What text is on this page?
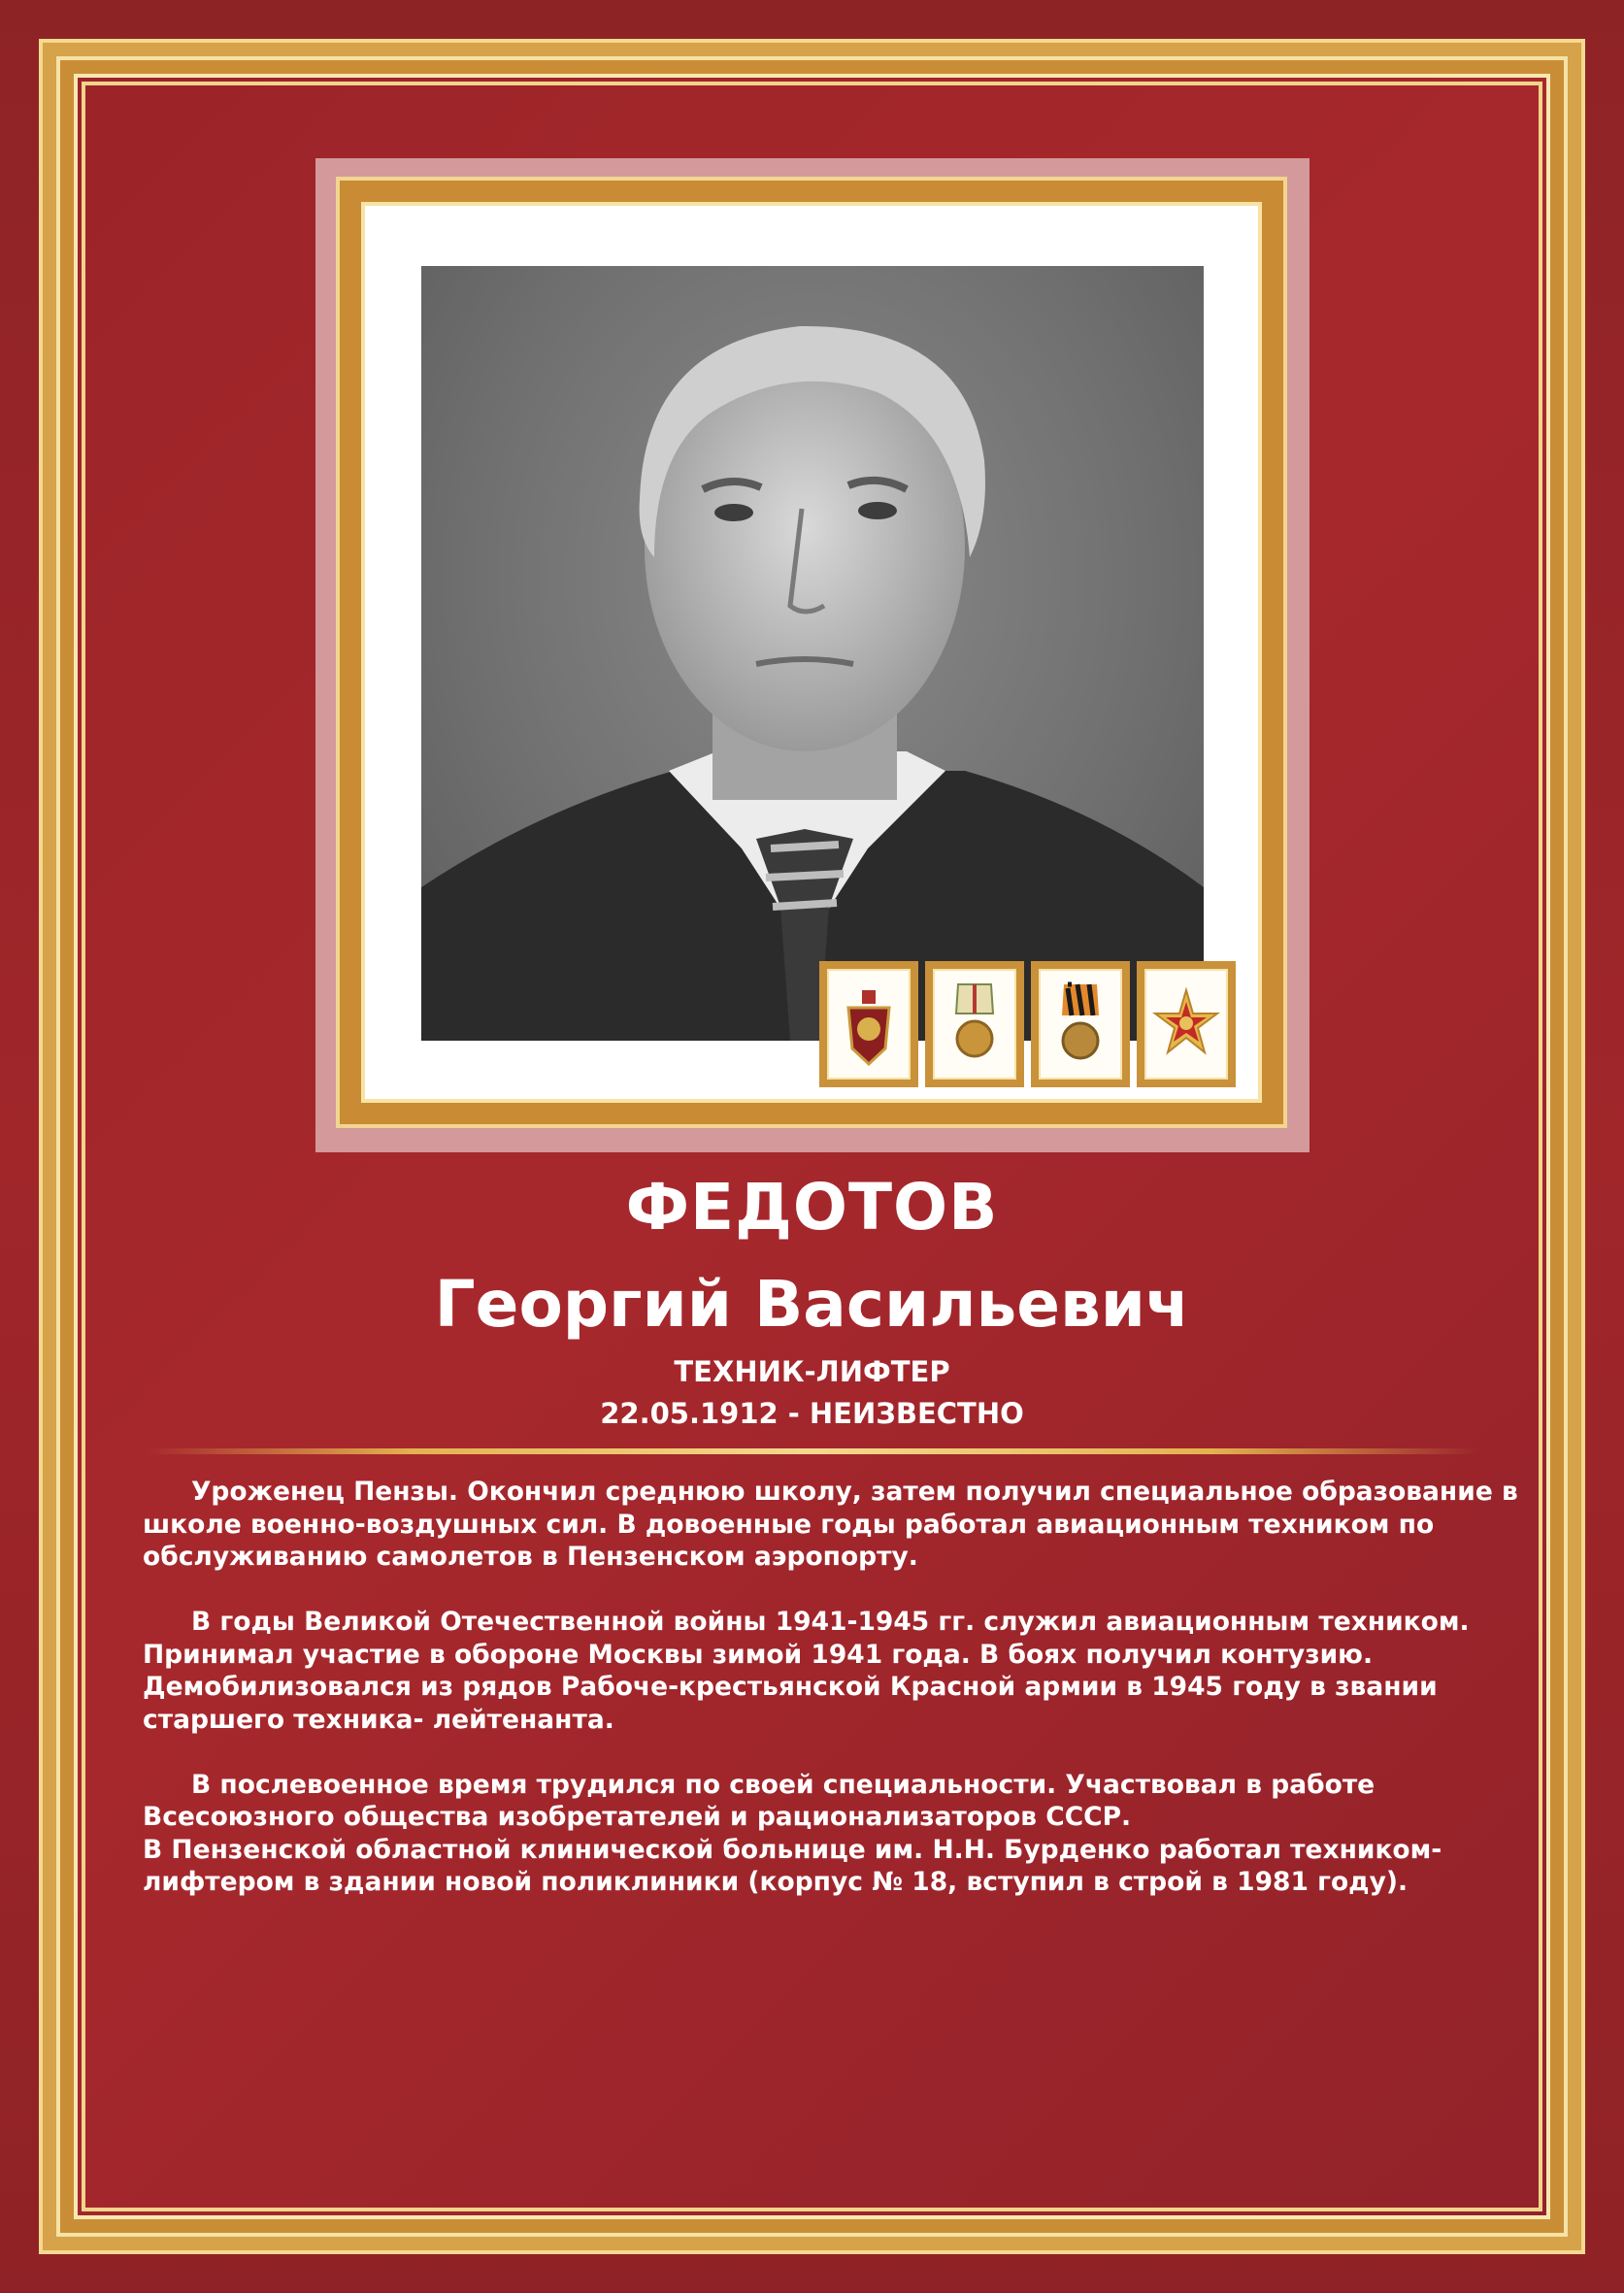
ФЕДОТОВ
Георгий Васильевич
ТЕХНИК-ЛИФТЕР
22.05.1912 - НЕИЗВЕСТНО

Уроженец Пензы. Окончил среднюю школу, затем получил специальное образование в
школе военно-воздушных сил. В довоенные годы работал авиационным техником по
обслуживанию самолетов в Пензенском аэропорту.

В годы Великой Отечественной войны 1941-1945 гг. служил авиационным техником.
Принимал участие в обороне Москвы зимой 1941 года. В боях получил контузию.
Демобилизовался из рядов Рабоче-крестьянской Красной армии в 1945 году в звании
старшего техника- лейтенанта.

В послевоенное время трудился по своей специальности. Участвовал в работе
Всесоюзного общества изобретателей и рационализаторов СССР.
В Пензенской областной клинической больнице им. Н.Н. Бурденко работал техником-
лифтером в здании новой поликлиники (корпус № 18, вступил в строй в 1981 году).
